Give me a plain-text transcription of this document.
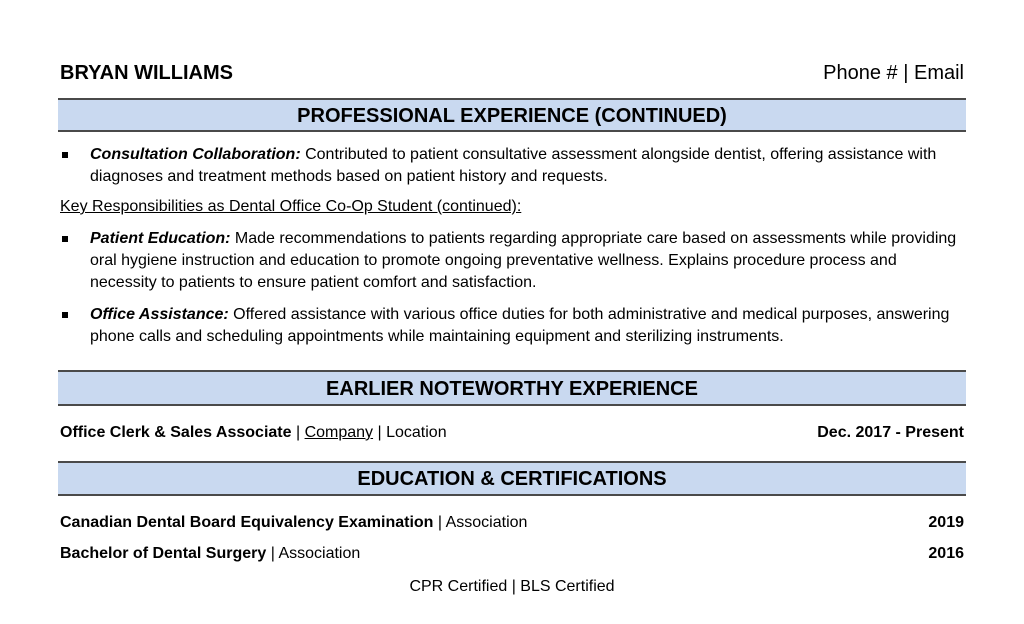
BRYAN WILLIAMS	Phone # | Email
PROFESSIONAL EXPERIENCE (CONTINUED)
Consultation Collaboration: Contributed to patient consultative assessment alongside dentist, offering assistance with diagnoses and treatment methods based on patient history and requests.
Key Responsibilities as Dental Office Co-Op Student (continued):
Patient Education: Made recommendations to patients regarding appropriate care based on assessments while providing oral hygiene instruction and education to promote ongoing preventative wellness. Explains procedure process and necessity to patients to ensure patient comfort and satisfaction.
Office Assistance: Offered assistance with various office duties for both administrative and medical purposes, answering phone calls and scheduling appointments while maintaining equipment and sterilizing instruments.
EARLIER NOTEWORTHY EXPERIENCE
Office Clerk & Sales Associate | Company | Location	Dec. 2017 - Present
EDUCATION & CERTIFICATIONS
Canadian Dental Board Equivalency Examination | Association	2019
Bachelor of Dental Surgery | Association	2016
CPR Certified | BLS Certified
